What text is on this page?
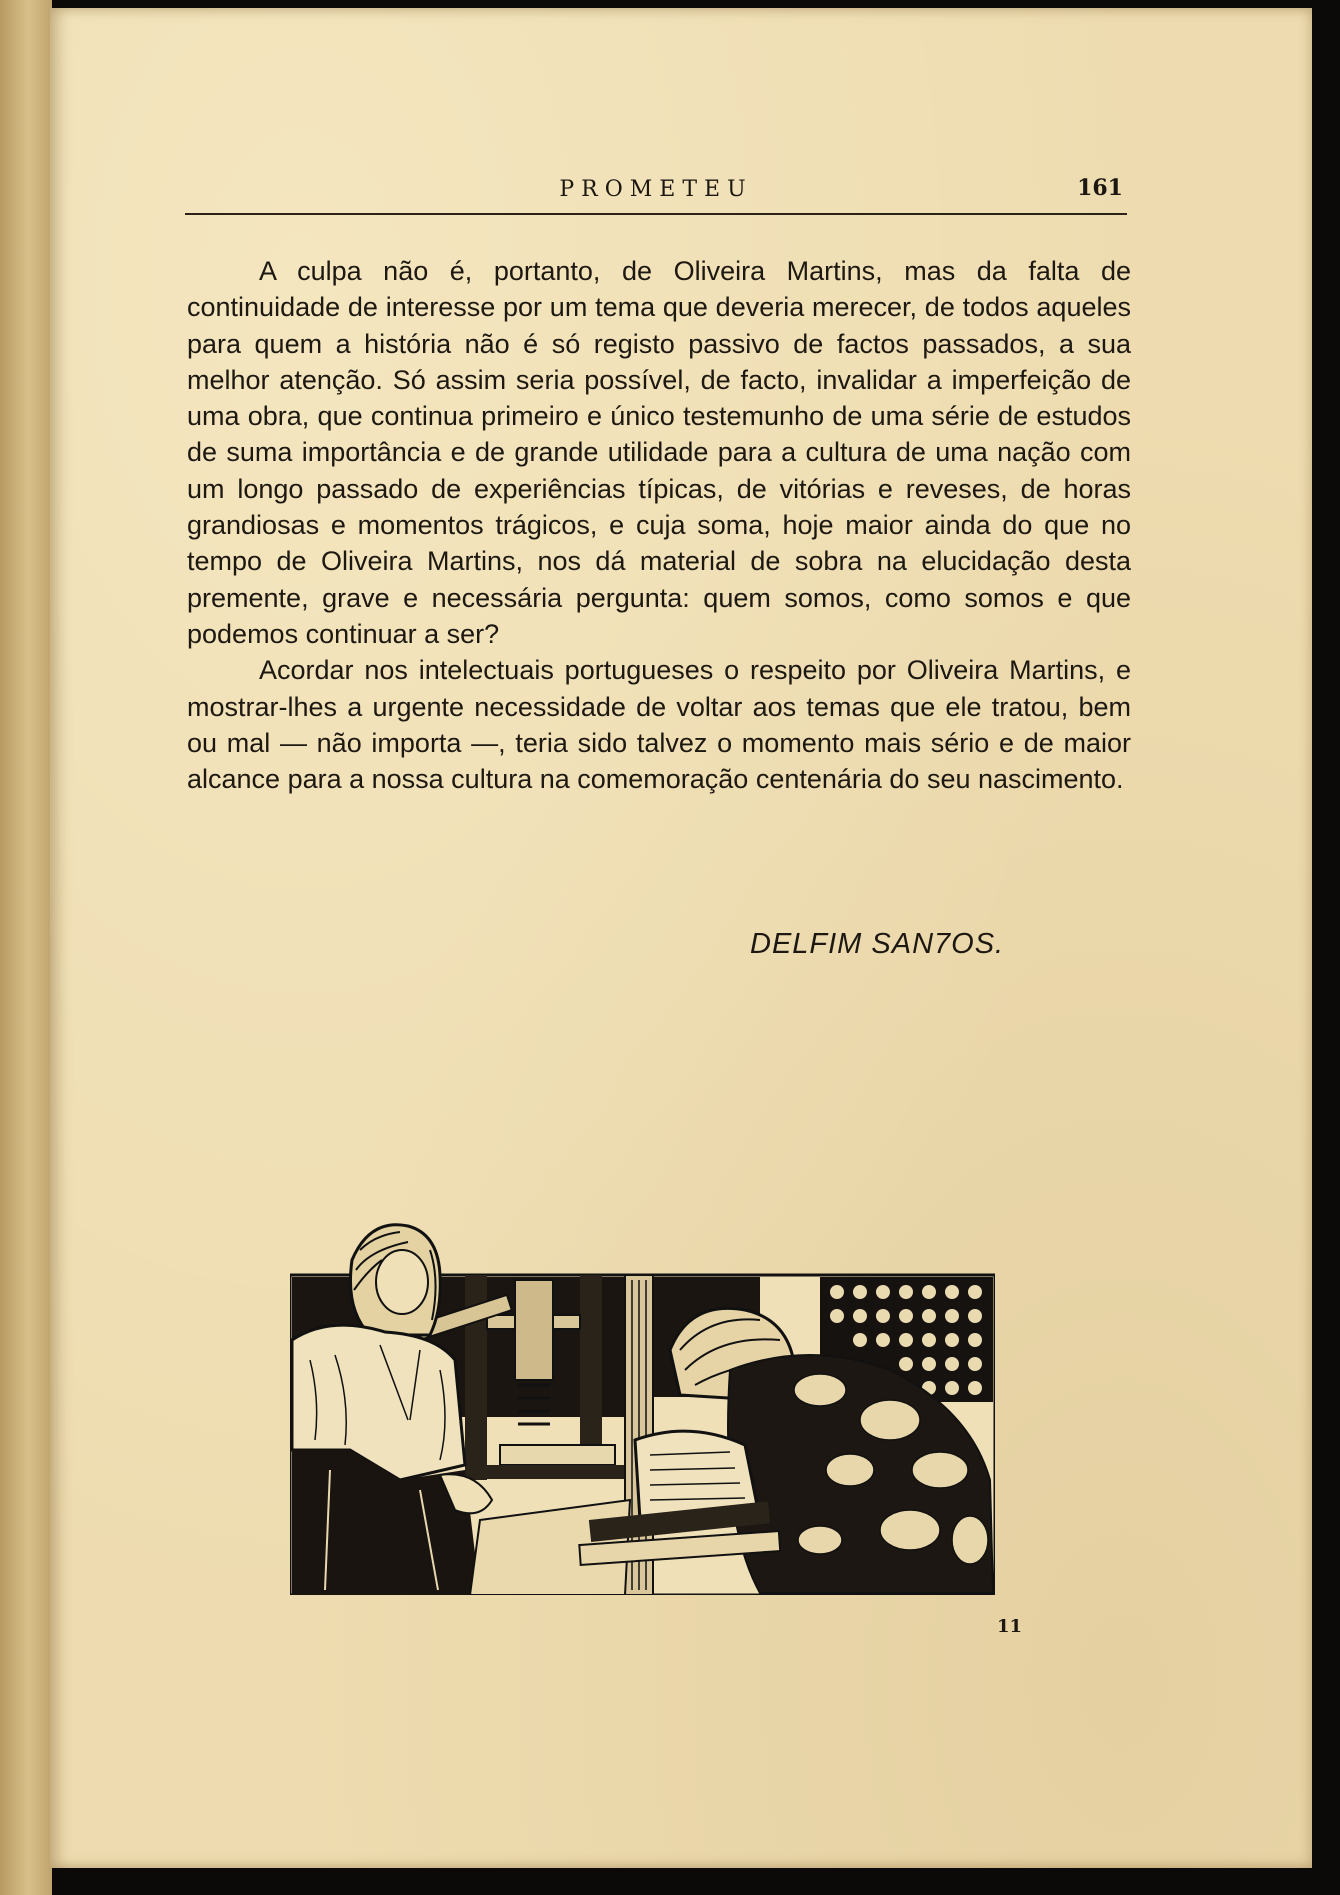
PROMETEU	161

A culpa não é, portanto, de Oliveira Martins, mas da falta de continuidade de interesse por um tema que deveria merecer, de todos aqueles para quem a história não é só registo passivo de factos passados, a sua melhor atenção. Só assim seria possível, de facto, invalidar a imperfeição de uma obra, que continua primeiro e único testemunho de uma série de estudos de suma importância e de grande utilidade para a cultura de uma nação com um longo passado de experiências típicas, de vitórias e reveses, de horas grandiosas e momentos trágicos, e cuja soma, hoje maior ainda do que no tempo de Oliveira Martins, nos dá material de sobra na elucidação desta premente, grave e necessária pergunta: quem somos, como somos e que podemos continuar a ser?

Acordar nos intelectuais portugueses o respeito por Oliveira Martins, e mostrar-lhes a urgente necessidade de voltar aos temas que ele tratou, bem ou mal — não importa —, teria sido talvez o momento mais sério e de maior alcance para a nossa cultura na comemoração centenária do seu nascimento.

DELFIM SAN7OS.
11
